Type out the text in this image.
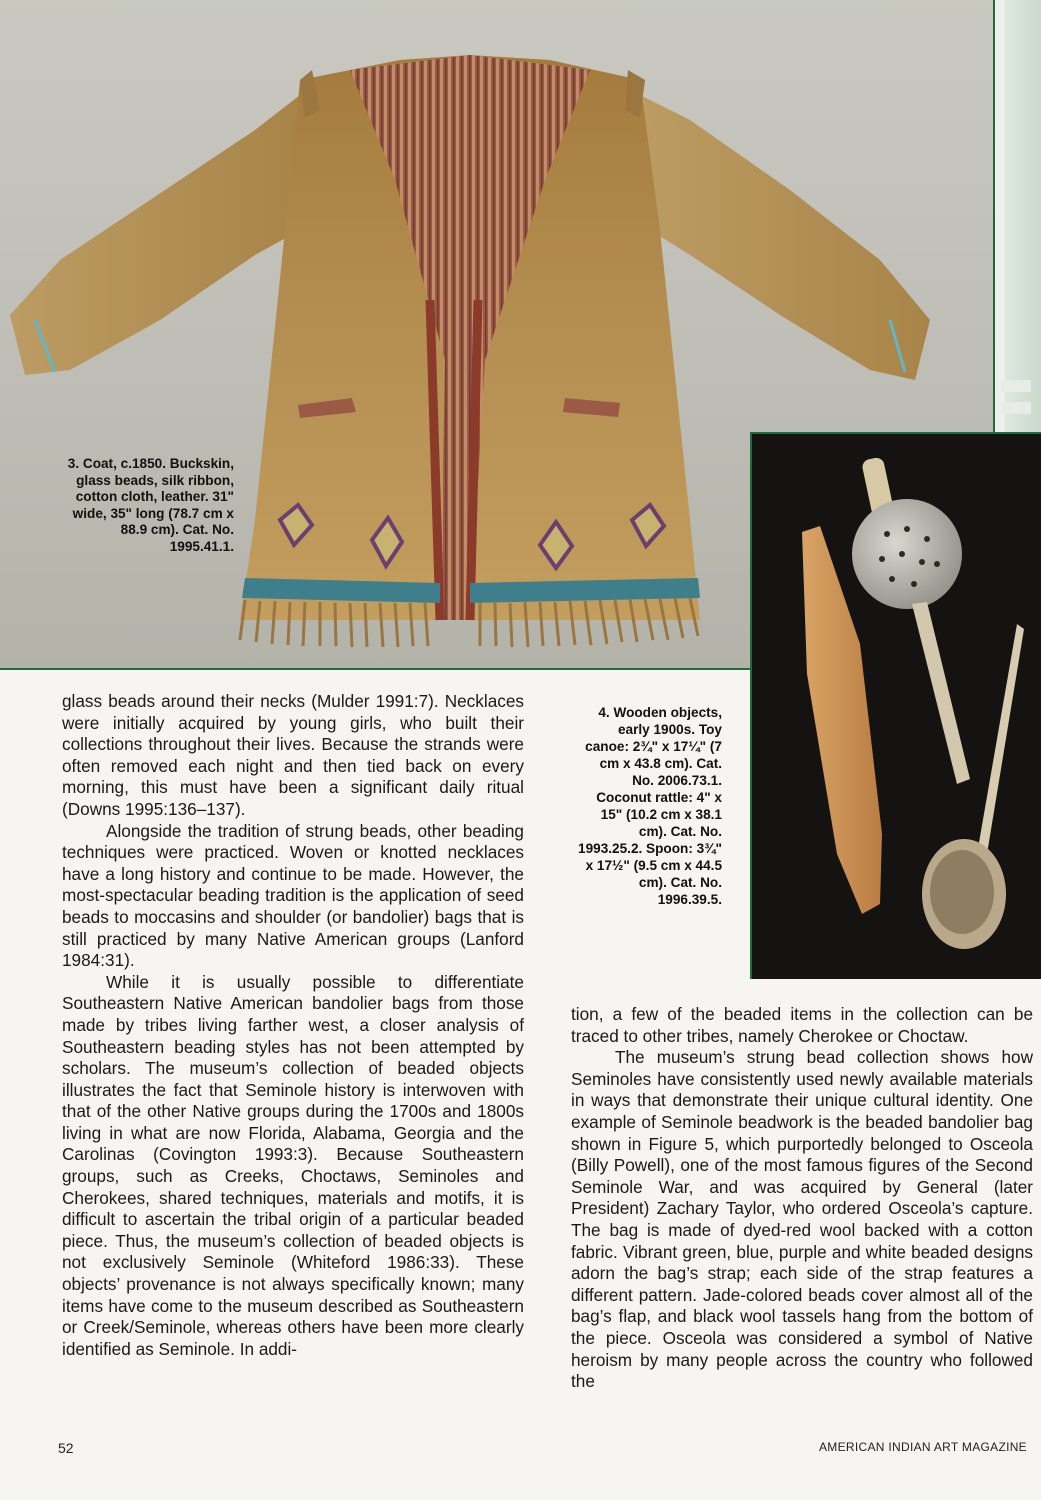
3. Coat, c.1850. Buckskin, glass beads, silk ribbon, cotton cloth, leather. 31" wide, 35" long (78.7 cm x 88.9 cm). Cat. No. 1995.41.1.
4. Wooden objects, early 1900s. Toy canoe: 2¾" x 17¼" (7 cm x 43.8 cm). Cat. No. 2006.73.1. Coconut rattle: 4" x 15" (10.2 cm x 38.1 cm). Cat. No. 1993.25.2. Spoon: 3¾" x 17½" (9.5 cm x 44.5 cm). Cat. No. 1996.39.5.

glass beads around their necks (Mulder 1991:7). Necklaces were initially acquired by young girls, who built their collections throughout their lives. Because the strands were often removed each night and then tied back on every morning, this must have been a significant daily ritual (Downs 1995:136–137).

Alongside the tradition of strung beads, other beading techniques were practiced. Woven or knotted necklaces have a long history and continue to be made. However, the most-spectacular beading tradition is the application of seed beads to moccasins and shoulder (or bandolier) bags that is still practiced by many Native American groups (Lanford 1984:31).

While it is usually possible to differentiate Southeastern Native American bandolier bags from those made by tribes living farther west, a closer analysis of Southeastern beading styles has not been attempted by scholars. The museum’s collection of beaded objects illustrates the fact that Seminole history is interwoven with that of the other Native groups during the 1700s and 1800s living in what are now Florida, Alabama, Georgia and the Carolinas (Covington 1993:3). Because Southeastern groups, such as Creeks, Choctaws, Seminoles and Cherokees, shared techniques, materials and motifs, it is difficult to ascertain the tribal origin of a particular beaded piece. Thus, the museum’s collection of beaded objects is not exclusively Seminole (Whiteford 1986:33). These objects’ provenance is not always specifically known; many items have come to the museum described as Southeastern or Creek/Seminole, whereas others have been more clearly identified as Seminole. In addi-

tion, a few of the beaded items in the collection can be traced to other tribes, namely Cherokee or Choctaw.

The museum’s strung bead collection shows how Seminoles have consistently used newly available materials in ways that demonstrate their unique cultural identity. One example of Seminole beadwork is the beaded bandolier bag shown in Figure 5, which purportedly belonged to Osceola (Billy Powell), one of the most famous figures of the Second Seminole War, and was acquired by General (later President) Zachary Taylor, who ordered Osceola’s capture. The bag is made of dyed-red wool backed with a cotton fabric. Vibrant green, blue, purple and white beaded designs adorn the bag’s strap; each side of the strap features a different pattern. Jade-colored beads cover almost all of the bag’s flap, and black wool tassels hang from the bottom of the piece. Osceola was considered a symbol of Native heroism by many people across the country who followed the

52	AMERICAN INDIAN ART MAGAZINE
